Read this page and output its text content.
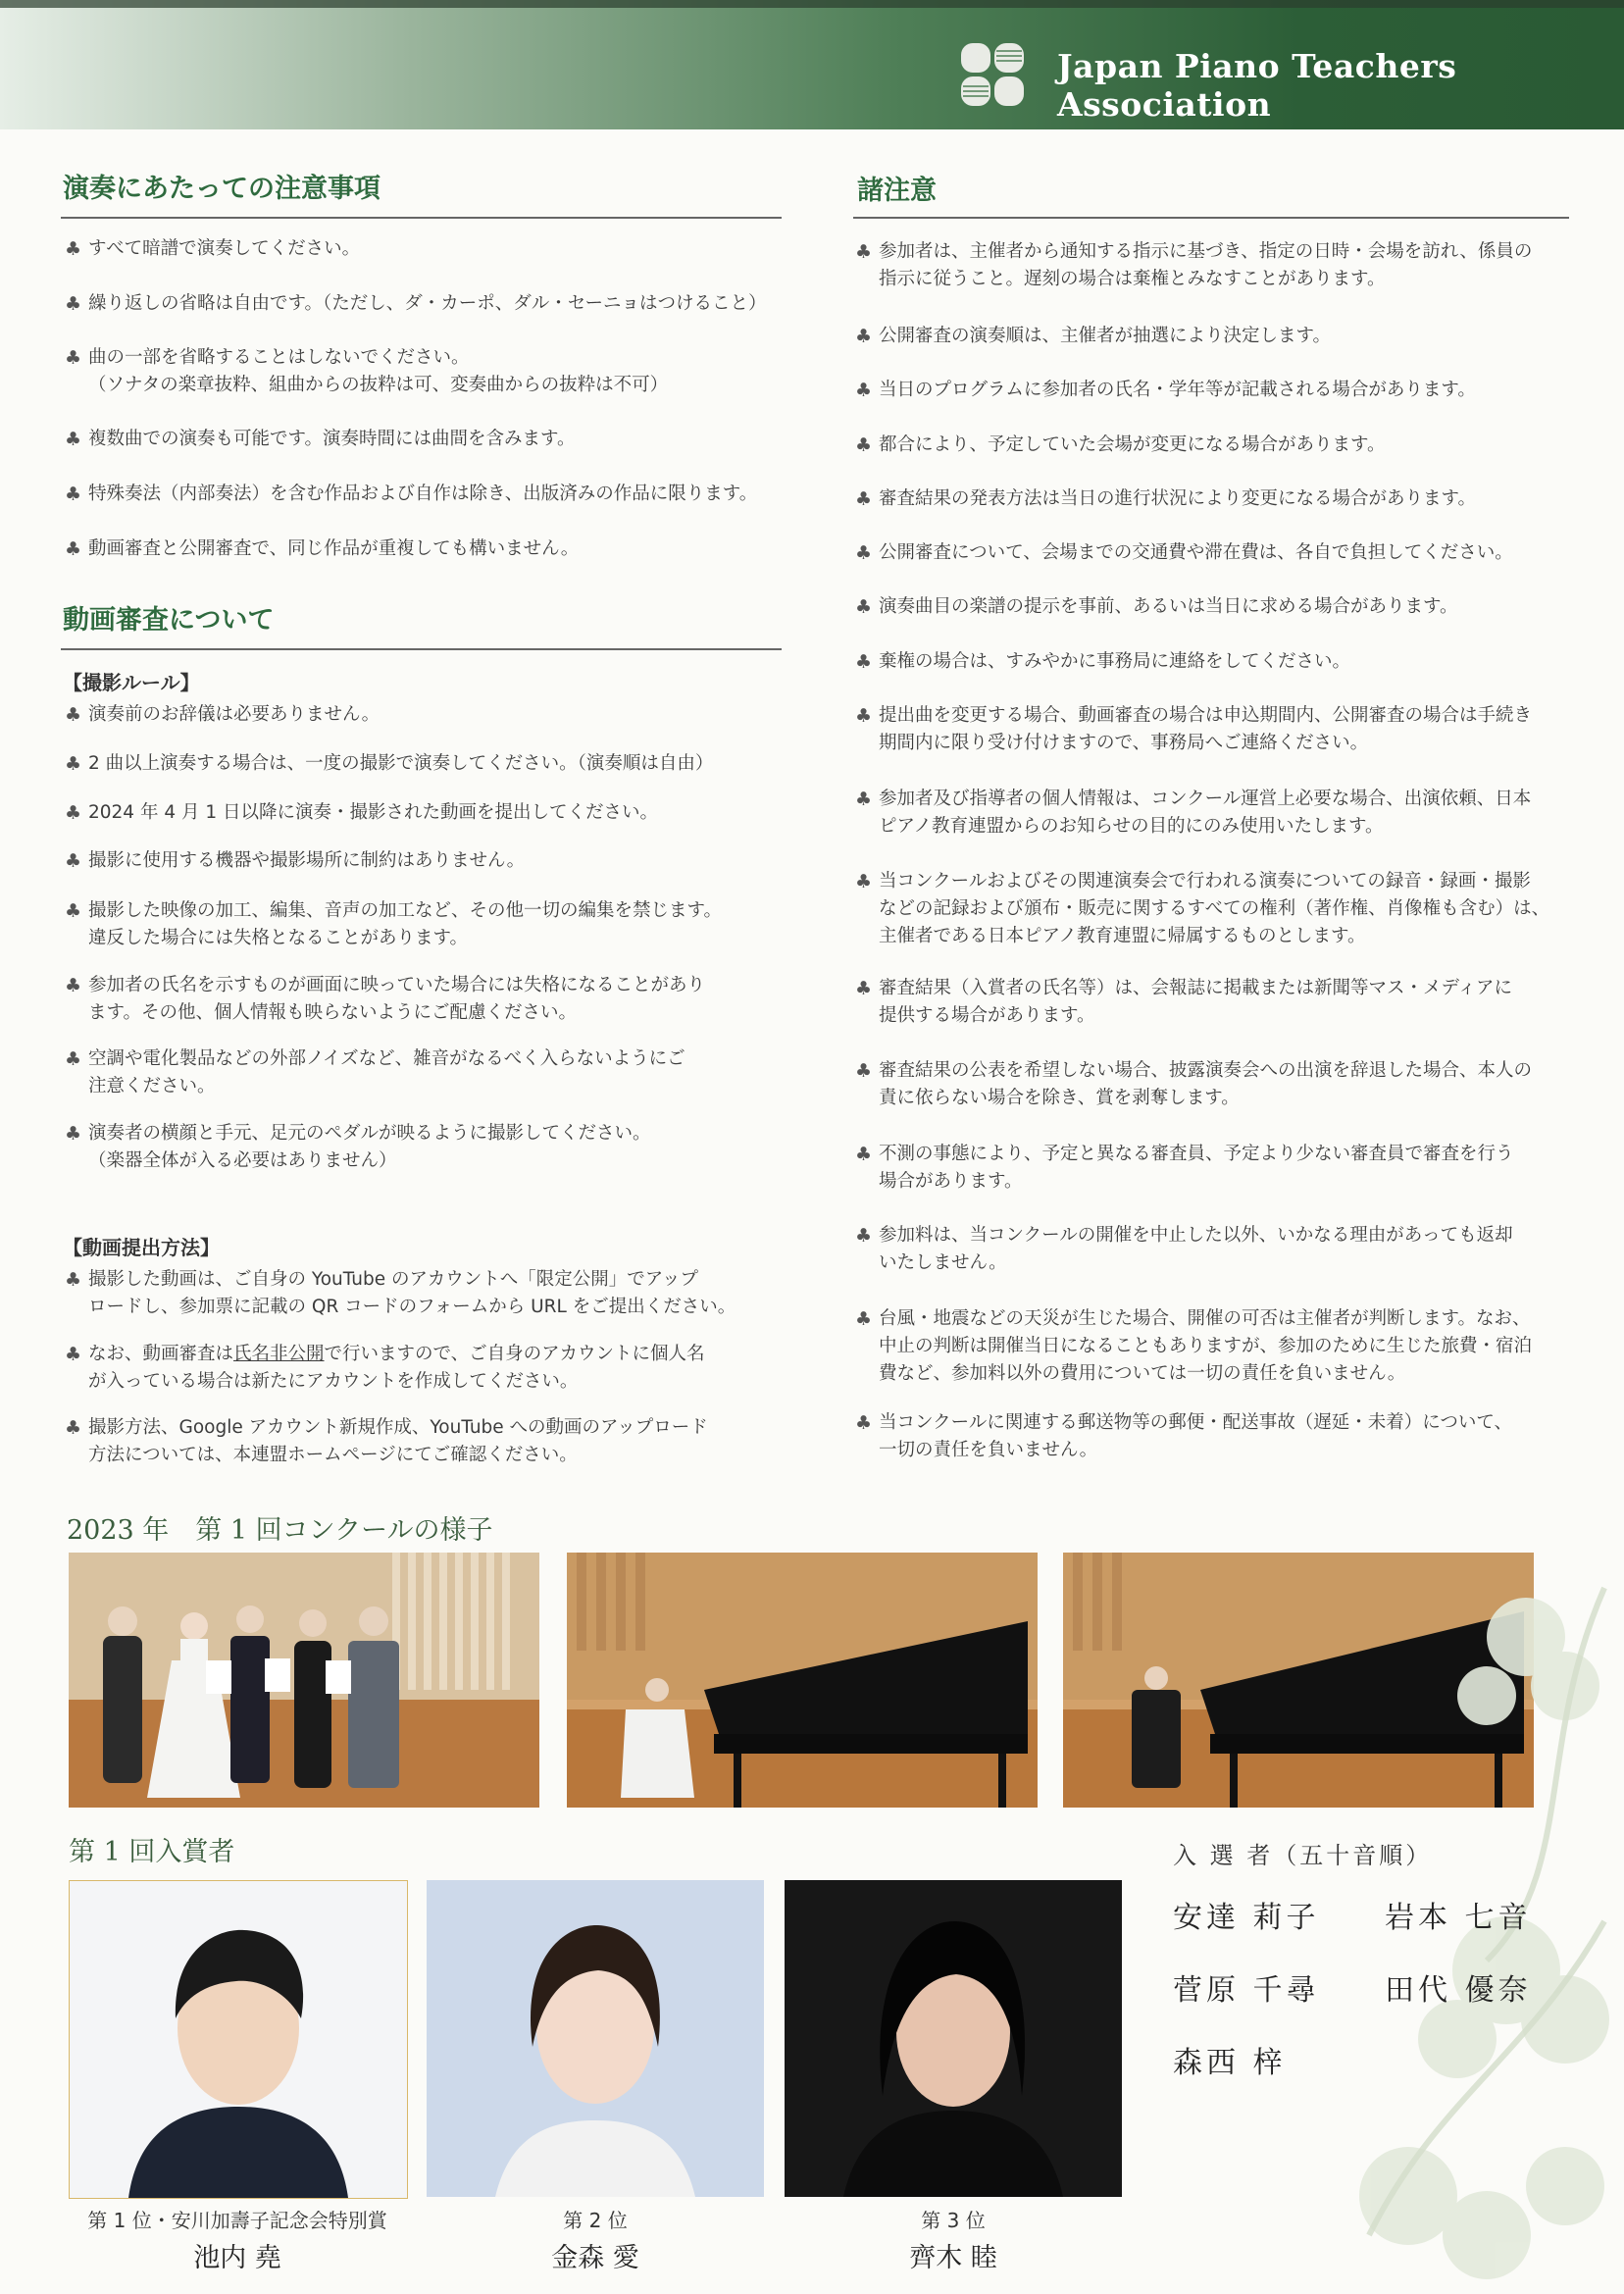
Japan Piano Teachers Association
演奏にあたっての注意事項
♣ すべて暗譜で演奏してください。
♣ 繰り返しの省略は自由です。（ただし、ダ・カーポ、ダル・セーニョはつけること）
♣ 曲の一部を省略することはしないでください。
（ソナタの楽章抜粋、組曲からの抜粋は可、変奏曲からの抜粋は不可）
♣ 複数曲での演奏も可能です。演奏時間には曲間を含みます。
♣ 特殊奏法（内部奏法）を含む作品および自作は除き、出版済みの作品に限ります。
♣ 動画審査と公開審査で、同じ作品が重複しても構いません。
動画審査について
【撮影ルール】
♣ 演奏前のお辞儀は必要ありません。
♣ 2 曲以上演奏する場合は、一度の撮影で演奏してください。（演奏順は自由）
♣ 2024 年 4 月 1 日以降に演奏・撮影された動画を提出してください。
♣ 撮影に使用する機器や撮影場所に制約はありません。
♣ 撮影した映像の加工、編集、音声の加工など、その他一切の編集を禁じます。
違反した場合には失格となることがあります。
♣ 参加者の氏名を示すものが画面に映っていた場合には失格になることがあり
ます。その他、個人情報も映らないようにご配慮ください。
♣ 空調や電化製品などの外部ノイズなど、雑音がなるべく入らないようにご
注意ください。
♣ 演奏者の横顔と手元、足元のペダルが映るように撮影してください。
（楽器全体が入る必要はありません）
【動画提出方法】
♣ 撮影した動画は、ご自身の YouTube のアカウントへ「限定公開」でアップ
ロードし、参加票に記載の QR コードのフォームから URL をご提出ください。
♣ なお、動画審査は氏名非公開で行いますので、ご自身のアカウントに個人名
が入っている場合は新たにアカウントを作成してください。
♣ 撮影方法、Google アカウント新規作成、YouTube への動画のアップロード
方法については、本連盟ホームページにてご確認ください。
諸注意
♣ 参加者は、主催者から通知する指示に基づき、指定の日時・会場を訪れ、係員の
指示に従うこと。遅刻の場合は棄権とみなすことがあります。
♣ 公開審査の演奏順は、主催者が抽選により決定します。
♣ 当日のプログラムに参加者の氏名・学年等が記載される場合があります。
♣ 都合により、予定していた会場が変更になる場合があります。
♣ 審査結果の発表方法は当日の進行状況により変更になる場合があります。
♣ 公開審査について、会場までの交通費や滞在費は、各自で負担してください。
♣ 演奏曲目の楽譜の提示を事前、あるいは当日に求める場合があります。
♣ 棄権の場合は、すみやかに事務局に連絡をしてください。
♣ 提出曲を変更する場合、動画審査の場合は申込期間内、公開審査の場合は手続き
期間内に限り受け付けますので、事務局へご連絡ください。
♣ 参加者及び指導者の個人情報は、コンクール運営上必要な場合、出演依頼、日本
ピアノ教育連盟からのお知らせの目的にのみ使用いたします。
♣ 当コンクールおよびその関連演奏会で行われる演奏についての録音・録画・撮影
などの記録および頒布・販売に関するすべての権利（著作権、肖像権も含む）は、
主催者である日本ピアノ教育連盟に帰属するものとします。
♣ 審査結果（入賞者の氏名等）は、会報誌に掲載または新聞等マス・メディアに
提供する場合があります。
♣ 審査結果の公表を希望しない場合、披露演奏会への出演を辞退した場合、本人の
責に依らない場合を除き、賞を剥奪します。
♣ 不測の事態により、予定と異なる審査員、予定より少ない審査員で審査を行う
場合があります。
♣ 参加料は、当コンクールの開催を中止した以外、いかなる理由があっても返却
いたしません。
♣ 台風・地震などの天災が生じた場合、開催の可否は主催者が判断します。なお、
中止の判断は開催当日になることもありますが、参加のために生じた旅費・宿泊
費など、参加料以外の費用については一切の責任を負いません。
♣ 当コンクールに関連する郵送物等の郵便・配送事故（遅延・未着）について、
一切の責任を負いません。
2023 年　第 1 回コンクールの様子
第 1 回入賞者
第 1 位・安川加壽子記念会特別賞
池内 堯
第 2 位
金森 愛
第 3 位
齊木 睦
入 選 者（五十音順）
安達 莉子 岩本 七音
菅原 千尋 田代 優奈
森西 梓
